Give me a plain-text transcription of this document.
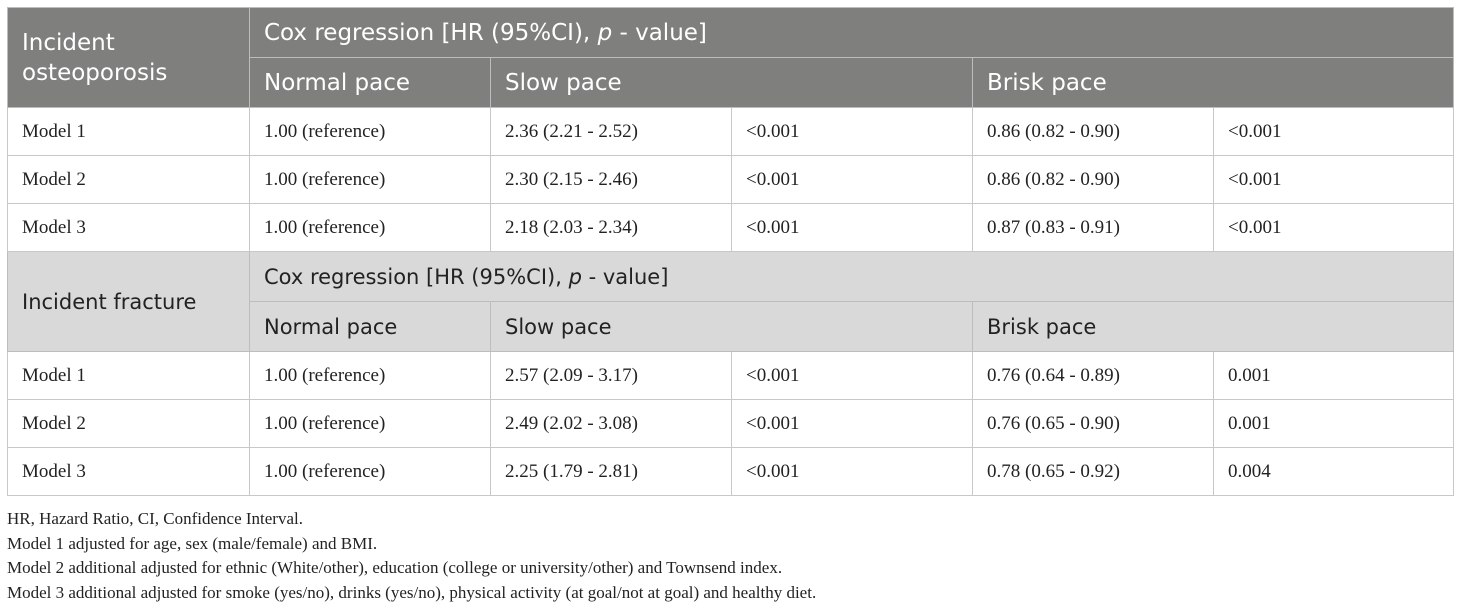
Incident osteoporosis	Cox regression [HR (95%CI), p - value]				
	Normal pace	Slow pace		Brisk pace	
Model 1	1.00 (reference)	2.36 (2.21 - 2.52)	<0.001	0.86 (0.82 - 0.90)	<0.001
Model 2	1.00 (reference)	2.30 (2.15 - 2.46)	<0.001	0.86 (0.82 - 0.90)	<0.001
Model 3	1.00 (reference)	2.18 (2.03 - 2.34)	<0.001	0.87 (0.83 - 0.91)	<0.001
Incident fracture	Cox regression [HR (95%CI), p - value]				
	Normal pace	Slow pace		Brisk pace	
Model 1	1.00 (reference)	2.57 (2.09 - 3.17)	<0.001	0.76 (0.64 - 0.89)	0.001
Model 2	1.00 (reference)	2.49 (2.02 - 3.08)	<0.001	0.76 (0.65 - 0.90)	0.001
Model 3	1.00 (reference)	2.25 (1.79 - 2.81)	<0.001	0.78 (0.65 - 0.92)	0.004
HR, Hazard Ratio, CI, Confidence Interval.
Model 1 adjusted for age, sex (male/female) and BMI.
Model 2 additional adjusted for ethnic (White/other), education (college or university/other) and Townsend index.
Model 3 additional adjusted for smoke (yes/no), drinks (yes/no), physical activity (at goal/not at goal) and healthy diet.
